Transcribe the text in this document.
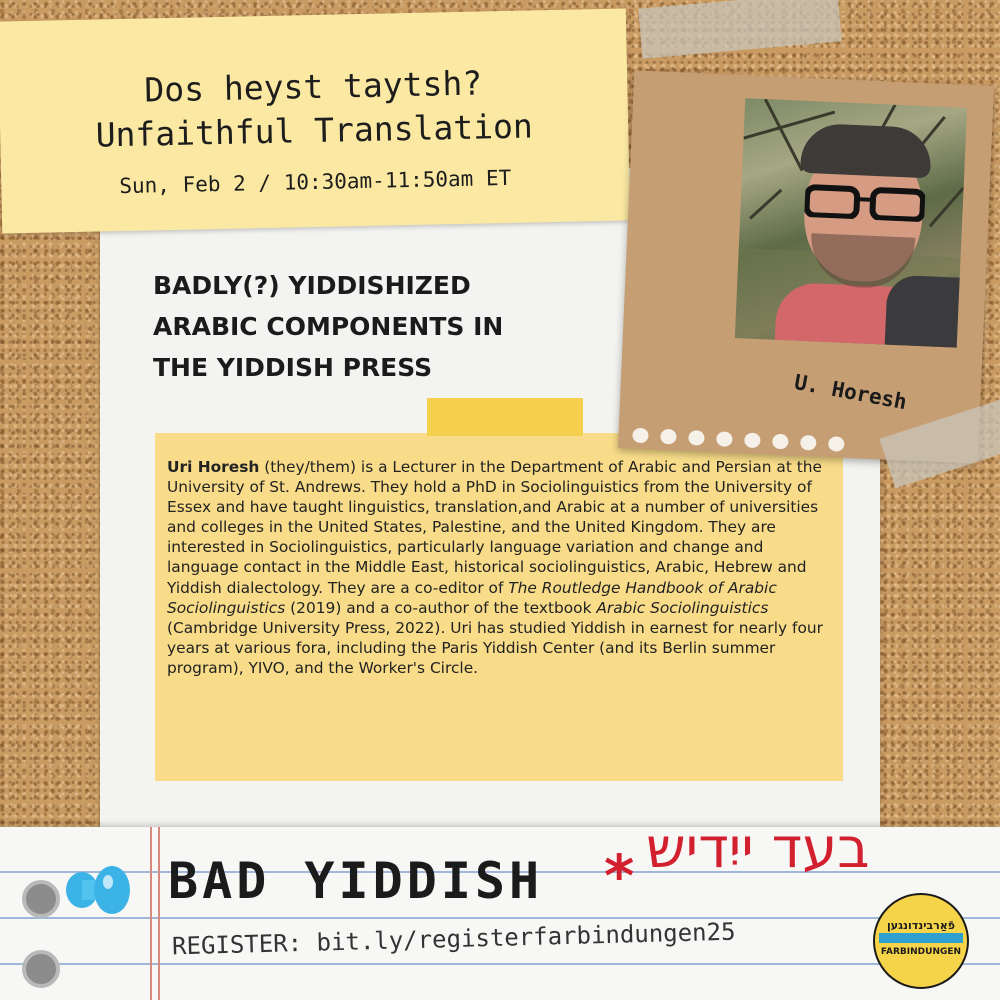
Dos heyst taytsh?
Unfaithful Translation
Sun, Feb 2 / 10:30am-11:50am ET
BADLY(?) YIDDISHIZED
ARABIC COMPONENTS IN
THE YIDDISH PRESS

Uri Horesh (they/them) is a Lecturer in the Department of Arabic and Persian at the University of St. Andrews. They hold a PhD in Sociolinguistics from the University of Essex and have taught linguistics, translation,and Arabic at a number of universities and colleges in the United States, Palestine, and the United Kingdom. They are interested in Sociolinguistics, particularly language variation and change and language contact in the Middle East, historical sociolinguistics, Arabic, Hebrew and Yiddish dialectology. They are a co-editor of The Routledge Handbook of Arabic Sociolinguistics (2019) and a co-author of the textbook Arabic Sociolinguistics (Cambridge University Press, 2022). Uri has studied Yiddish in earnest for nearly four years at various fora, including the Paris Yiddish Center (and its Berlin summer program), YIVO, and the Worker's Circle.

U. Horesh
BAD YIDDISH * בעד ייִדיש
REGISTER: bit.ly/registerfarbindungen25	פֿאַרבינדונגען
FARBINDUNGEN
